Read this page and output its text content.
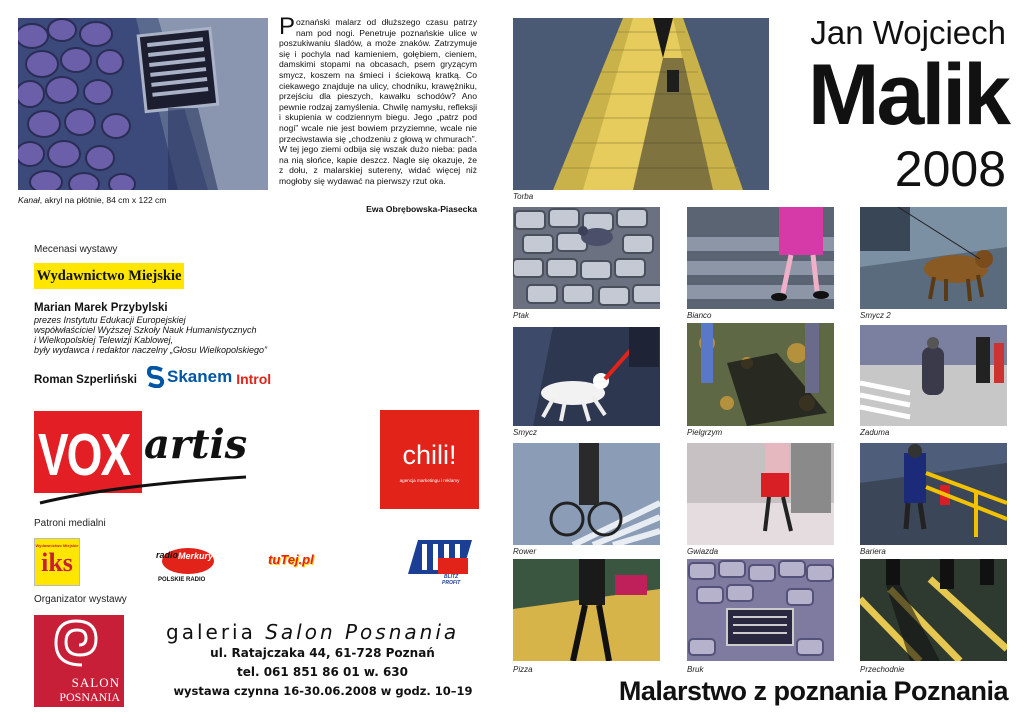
Kanał, akryl na płótnie, 84 cm x 122 cm
Poznański malarz od dłuższego czasu patrzy nam pod nogi. Penetruje poznańskie ulice w poszukiwaniu śladów, a może znaków. Zatrzymuje się i pochyla nad kamieniem, gołębiem, cieniem, damskimi stopami na obcasach, psem gryzącym smycz, koszem na śmieci i ściekową kratką. Co ciekawego znajduje na ulicy, chodniku, krawężniku, przejściu dla pieszych, kawałku schodów? Ano pewnie rodzaj zamyślenia. Chwilę namysłu, refleksji i skupienia w codziennym biegu. Jego „patrz pod nogi” wcale nie jest bowiem przyziemne, wcale nie przeciwstawia się „chodzeniu z głową w chmurach”. W tej jego ziemi odbija się wszak dużo nieba: pada na nią słońce, kapie deszcz. Nagle się okazuje, że z dołu, z malarskiej sutereny, widać więcej niż mogłoby się wydawać na pierwszy rzut oka.
Ewa Obrębowska-Piasecka
Mecenasi wystawy
Wydawnictwo Miejskie
Marian Marek Przybylski
prezes Instytutu Edukacji Europejskiej
współwłaściciel Wyższej Szkoły Nauk Humanistycznych
i Wielkopolskiej Telewizji Kablowej,
były wydawca i redaktor naczelny „Głosu Wielkopolskiego”
Roman Szperliński Skanem Introl
VOX artis	chili!
agencja marketingu i reklamy
Patroni medialni
Wydawnictwo Miejskie
iks	radio Merkury
POLSKIE RADIO
tuTej.pl
BLITZ
PROFIT
Organizator wystawy
SALON
POSNANIA
galeria Salon Posnania
ul. Ratajczaka 44, 61-728 Poznań
tel. 061 851 86 01 w. 630
wystawa czynna 16-30.06.2008 w godz. 10–19
Jan Wojciech
Malik
2008
Torba
Ptak	Bianco	Smycz 2
Smycz	Pielgrzym	Zaduma
Rower	Gwiazda	Bariera
Pizza	Bruk	Przechodnie
Malarstwo z poznania Poznania
